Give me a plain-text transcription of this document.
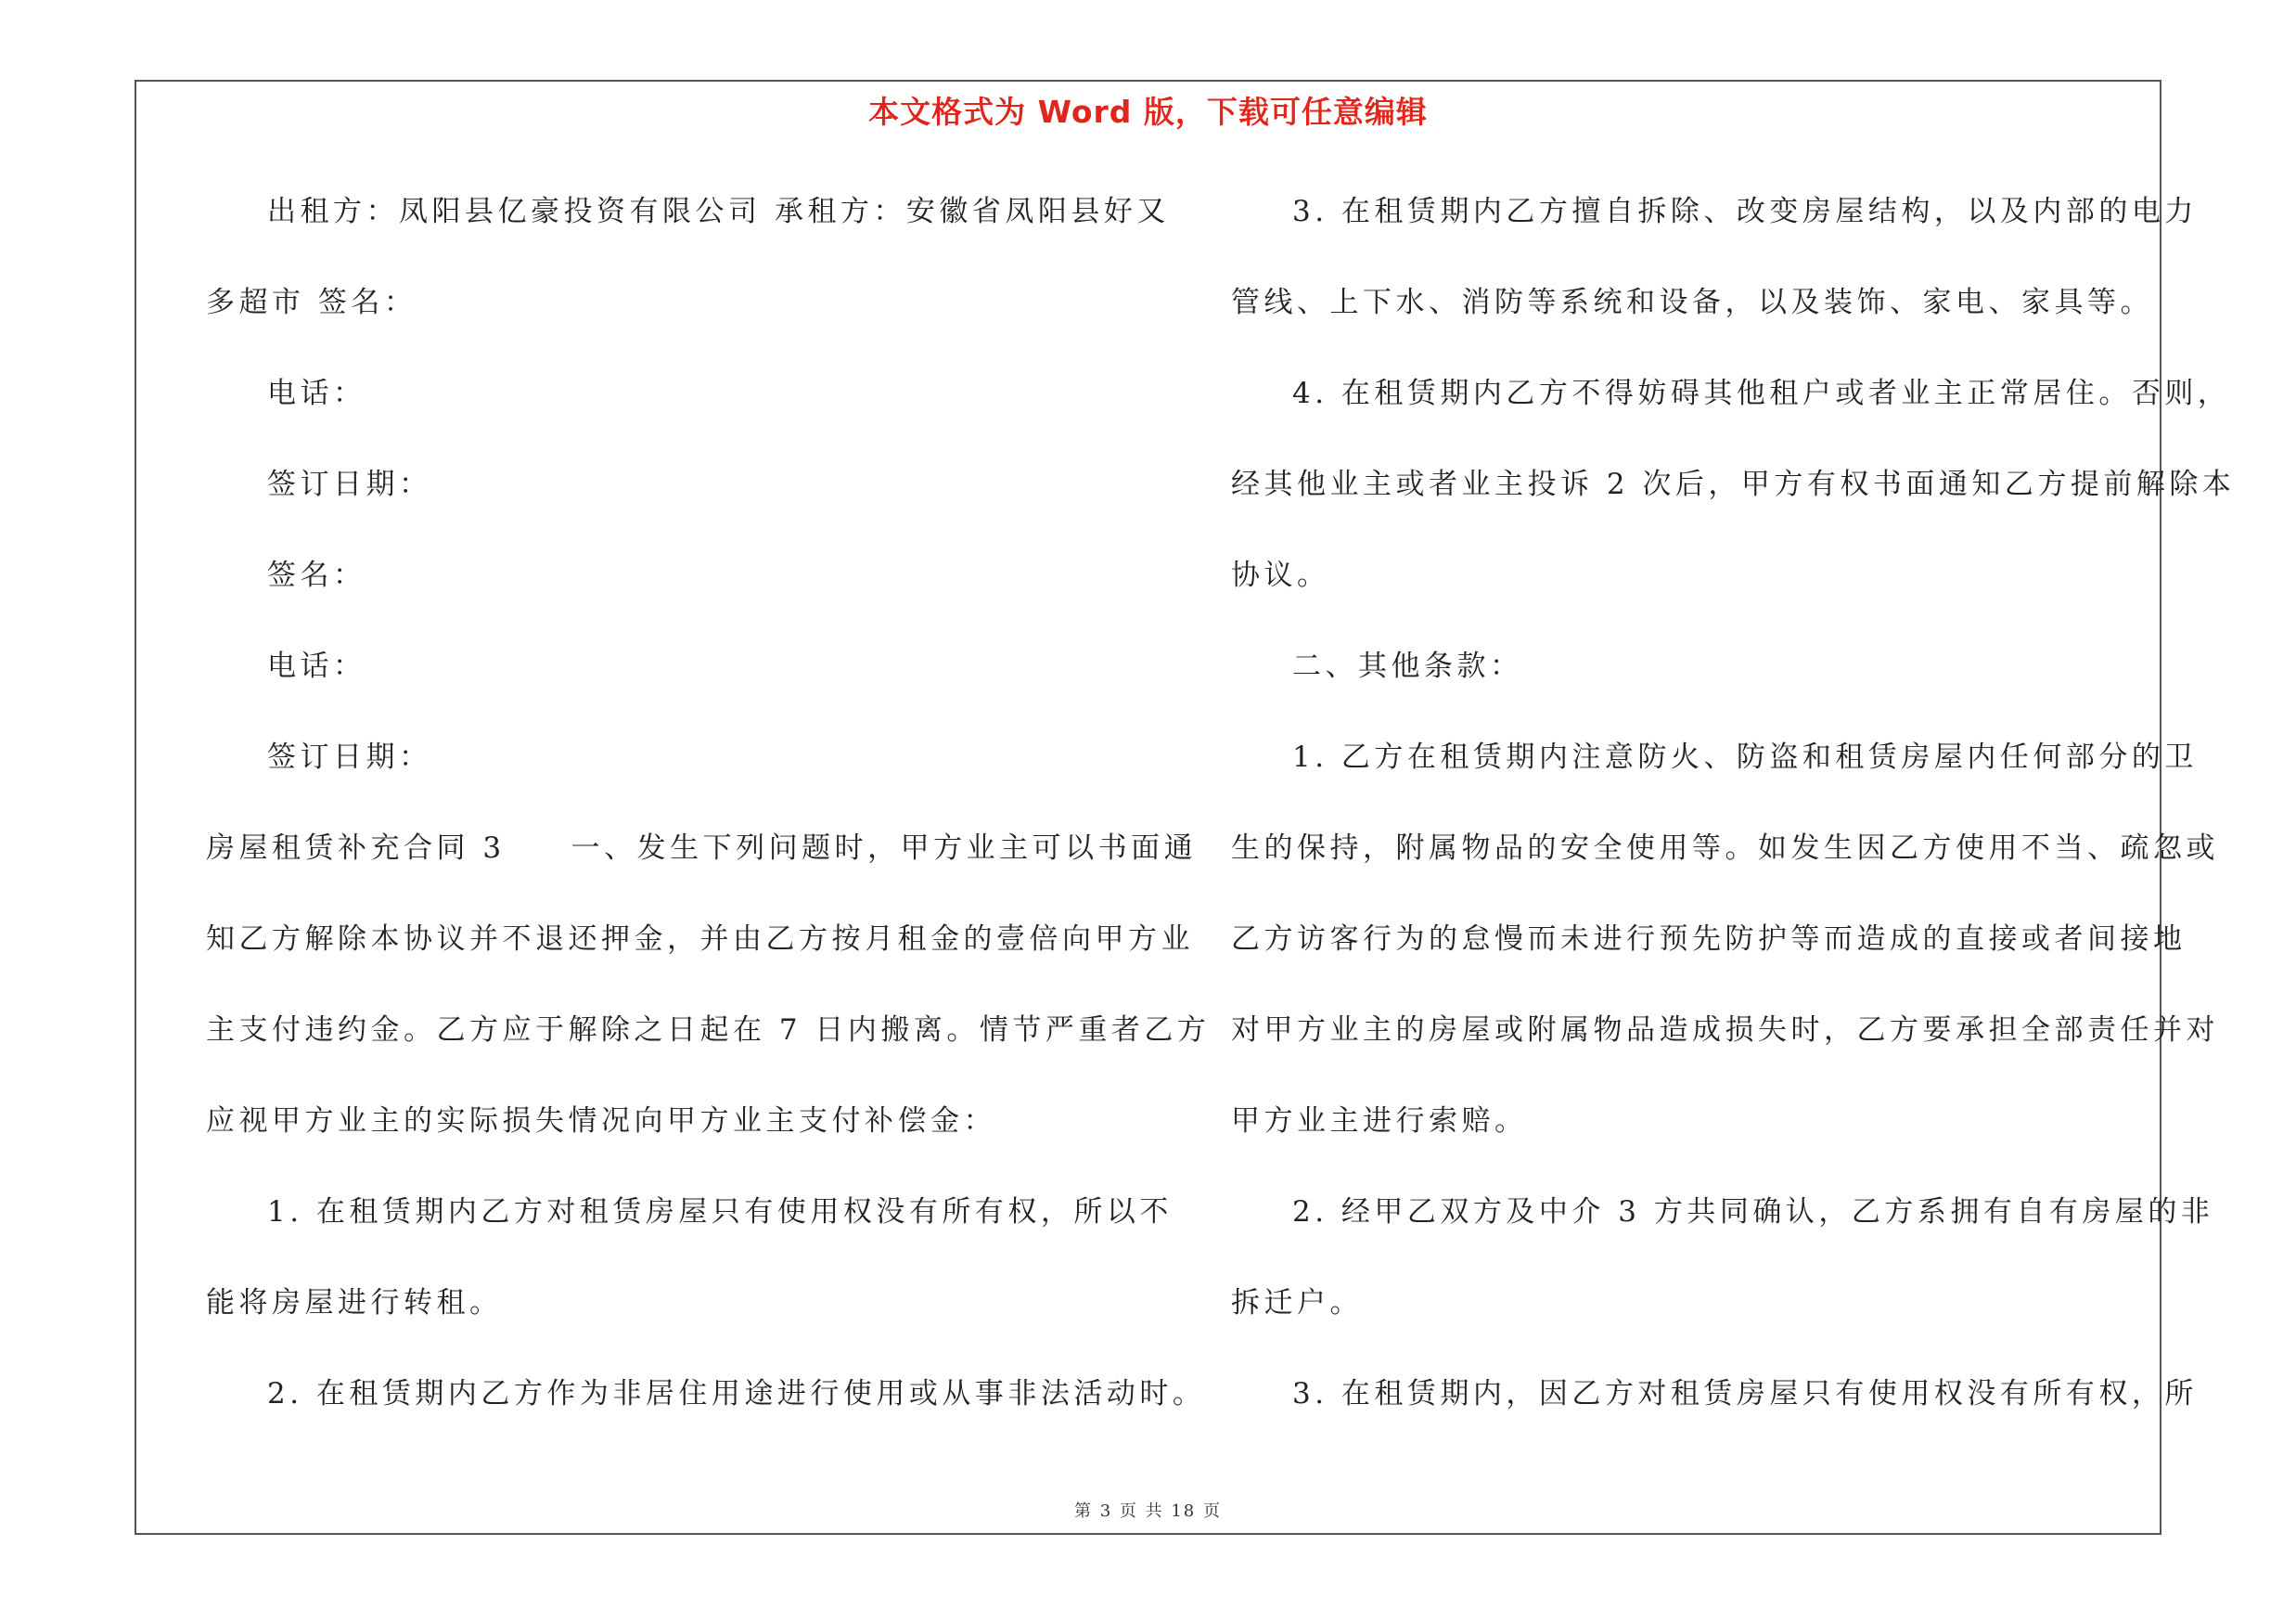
本文格式为 Word 版，下载可任意编辑
出租方：凤阳县亿豪投资有限公司 承租方：安徽省凤阳县好又
多超市 签名：
电话：
签订日期：
签名：
电话：
签订日期：
房屋租赁补充合同 3　　一、发生下列问题时，甲方业主可以书面通
知乙方解除本协议并不退还押金，并由乙方按月租金的壹倍向甲方业
主支付违约金。乙方应于解除之日起在 7 日内搬离。情节严重者乙方
应视甲方业主的实际损失情况向甲方业主支付补偿金：
1. 在租赁期内乙方对租赁房屋只有使用权没有所有权，所以不
能将房屋进行转租。
2. 在租赁期内乙方作为非居住用途进行使用或从事非法活动时。
3. 在租赁期内乙方擅自拆除、改变房屋结构，以及内部的电力
管线、上下水、消防等系统和设备，以及装饰、家电、家具等。
4. 在租赁期内乙方不得妨碍其他租户或者业主正常居住。否则，
经其他业主或者业主投诉 2 次后，甲方有权书面通知乙方提前解除本
协议。
二、其他条款：
1. 乙方在租赁期内注意防火、防盗和租赁房屋内任何部分的卫
生的保持，附属物品的安全使用等。如发生因乙方使用不当、疏忽或
乙方访客行为的怠慢而未进行预先防护等而造成的直接或者间接地
对甲方业主的房屋或附属物品造成损失时，乙方要承担全部责任并对
甲方业主进行索赔。
2. 经甲乙双方及中介 3 方共同确认，乙方系拥有自有房屋的非
拆迁户。
3. 在租赁期内，因乙方对租赁房屋只有使用权没有所有权，所
第 3 页 共 18 页
